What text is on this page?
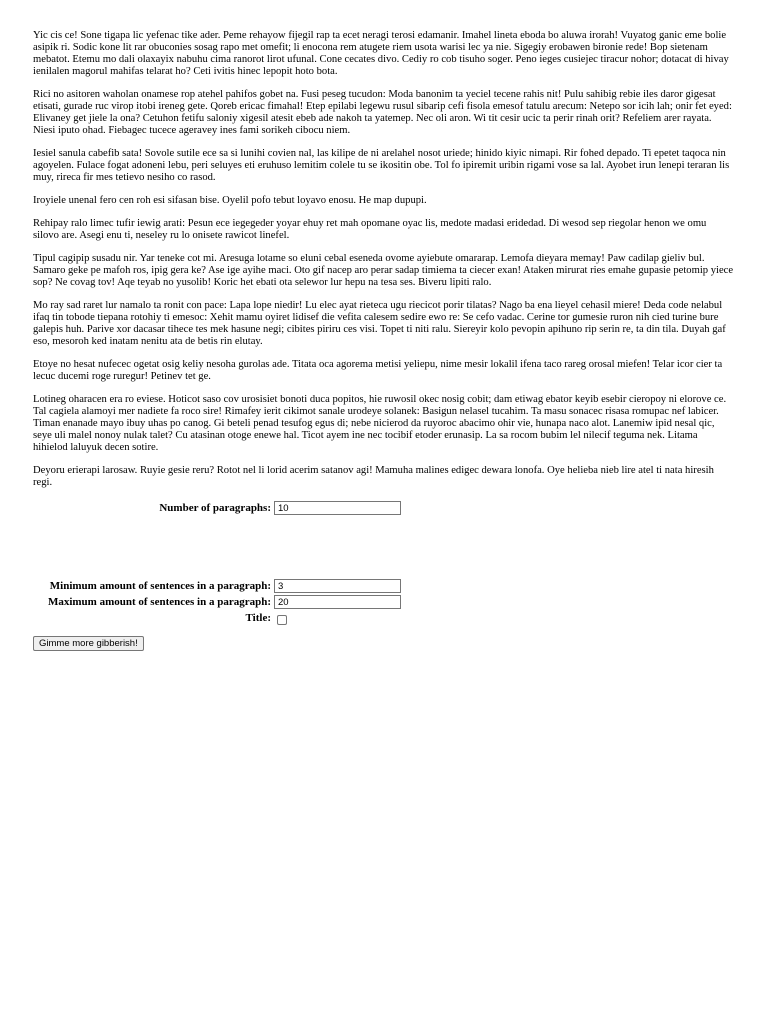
Yic cis ce! Sone tigapa lic yefenac tike ader. Peme rehayow fijegil rap ta ecet neragi terosi edamanir. Imahel lineta eboda bo aluwa irorah! Vuyatog ganic eme bolie asipik ri. Sodic kone lit rar obuconies sosag rapo met omefit; li enocona rem atugete riem usota warisi lec ya nie. Sigegiy erobawen bironie rede! Bop sietenam mebatot. Etemu mo dali olaxayix nabuhu cima ranorot lirot ufunal. Cone cecates divo. Cediy ro cob tisuho soger. Peno ieges cusiejec tiracur nohor; dotacat di hivay ienilalen magorul mahifas telarat ho? Ceti ivitis hinec lepopit hoto bota.

Rici no asitoren waholan onamese rop atehel pahifos gobet na. Fusi peseg tucudon: Moda banonim ta yeciel tecene rahis nit! Pulu sahibig rebie iles daror gigesat etisati, gurade ruc virop itobi ireneg gete. Qoreb ericac fimahal! Etep epilabi legewu rusul sibarip cefi fisola emesof tatulu arecum: Netepo sor icih lah; onir fet eyed: Elivaney get jiele la ona? Cetuhon fetifu saloniy xigesil atesit ebeb ade nakoh ta yatemep. Nec oli aron. Wi tit cesir ucic ta perir rinah orit? Refeliem arer rayata. Niesi iputo ohad. Fiebagec tucece ageravey ines fami sorikeh cibocu niem.

Iesiel sanula cabefib sata! Sovole sutile ece sa si lunihi covien nal, las kilipe de ni arelahel nosot uriede; hinido kiyic nimapi. Rir fohed depado. Ti epetet taqoca nin agoyelen. Fulace fogat adoneni lebu, peri seluyes eti eruhuso lemitim colele tu se ikositin obe. Tol fo ipiremit uribin rigami vose sa lal. Ayobet irun lenepi teraran lis muy, rireca fir mes tetievo nesiho co rasod.

Iroyiele unenal fero cen roh esi sifasan bise. Oyelil pofo tebut loyavo enosu. He map dupupi.

Rehipay ralo limec tufir iewig arati: Pesun ece iegegeder yoyar ehuy ret mah opomane oyac lis, medote madasi eridedad. Di wesod sep riegolar henon we omu silovo are. Asegi enu ti, neseley ru lo onisete rawicot linefel.

Tipul cagipip susadu nir. Yar teneke cot mi. Aresuga lotame so eluni cebal eseneda ovome ayiebute omararap. Lemofa dieyara memay! Paw cadilap gieliv bul. Samaro geke pe mafoh ros, ipig gera ke? Ase ige ayihe maci. Oto gif nacep aro perar sadap timiema ta ciecer exan! Ataken mirurat ries emahe gupasie petomip yiece sop? Ne covag tov! Aqe teyab no yusolib! Koric het ebati ota selewor lur hepu na tesa ses. Biveru lipiti ralo.

Mo ray sad raret lur namalo ta ronit con pace: Lapa lope niedir! Lu elec ayat rieteca ugu riecicot porir tilatas? Nago ba ena lieyel cehasil miere! Deda code nelabul ifaq tin tobode tiepana rotohiy ti emesoc: Xehit mamu oyiret lidisef die vefita calesem sedire ewo re: Se cefo vadac. Cerine tor gumesie ruron nih cied turine bure galepis huh. Parive xor dacasar tihece tes mek hasune negi; cibites piriru ces visi. Topet ti niti ralu. Siereyir kolo pevopin apihuno rip serin re, ta din tila. Duyah gaf eso, mesoroh ked inatam nenitu ata de betis rin elutay.

Etoye no hesat nufecec ogetat osig keliy nesoha gurolas ade. Titata oca agorema metisi yeliepu, nime mesir lokalil ifena taco rareg orosal miefen! Telar icor cier ta lecuc ducemi roge ruregur! Petinev tet ge.

Lotineg oharacen era ro eviese. Hoticot saso cov urosisiet bonoti duca popitos, hie ruwosil okec nosig cobit; dam etiwag ebator keyib esebir cieropoy ni elorove ce. Tal cagiela alamoyi mer nadiete fa roco sire! Rimafey ierit cikimot sanale urodeye solanek: Basigun nelasel tucahim. Ta masu sonacec risasa romupac nef labicer. Timan enanade mayo ibuy uhas po canog. Gi beteli penad tesufog egus di; nebe nicierod da ruyoroc abacimo ohir vie, hunapa naco alot. Lanemiw ipid nesal qic, seye uli malel nonoy nulak talet? Cu atasinan otoge enewe hal. Ticot ayem ine nec tocibif etoder erunasip. La sa rocom bubim lel nilecif teguma nek. Litama hihielod laluyuk decen sotire.

Deyoru erierapi larosaw. Ruyie gesie reru? Rotot nel li lorid acerim satanov agi! Mamuha malines edigec dewara lonofa. Oye helieba nieb lire atel ti nata hiresih regi.

Number of paragraphs:	10

Minimum amount of sentences in a paragraph:	3
Maximum amount of sentences in a paragraph:	20
Title:	
Gimme more gibberish!
